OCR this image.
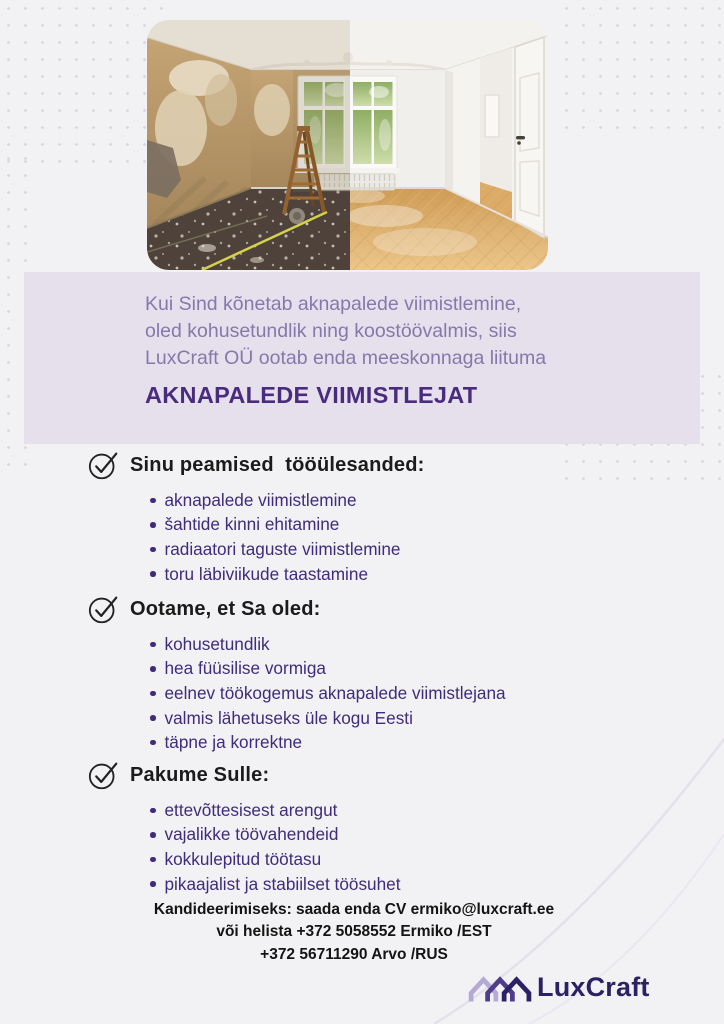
Kui Sind kõnetab aknapalede viimistlemine,
oled kohusetundlik ning koostöövalmis, siis
LuxCraft OÜ ootab enda meeskonnaga liituma
AKNAPALEDE VIIMISTLEJAT
Sinu peamised  tööülesanded:
aknapalede viimistlemine
šahtide kinni ehitamine
radiaatori taguste viimistlemine
toru läbiviikude taastamine
Ootame, et Sa oled:
kohusetundlik
hea füüsilise vormiga
eelnev töökogemus aknapalede viimistlejana
valmis lähetuseks üle kogu Eesti
täpne ja korrektne
Pakume Sulle:
ettevõttesisest arengut
vajalikke töövahendeid
kokkulepitud töötasu
pikaajalist ja stabiilset töösuhet
Kandideerimiseks: saada enda CV ermiko@luxcraft.ee
või helista +372 5058552 Ermiko /EST
+372 56711290 Arvo /RUS
LuxCraft
